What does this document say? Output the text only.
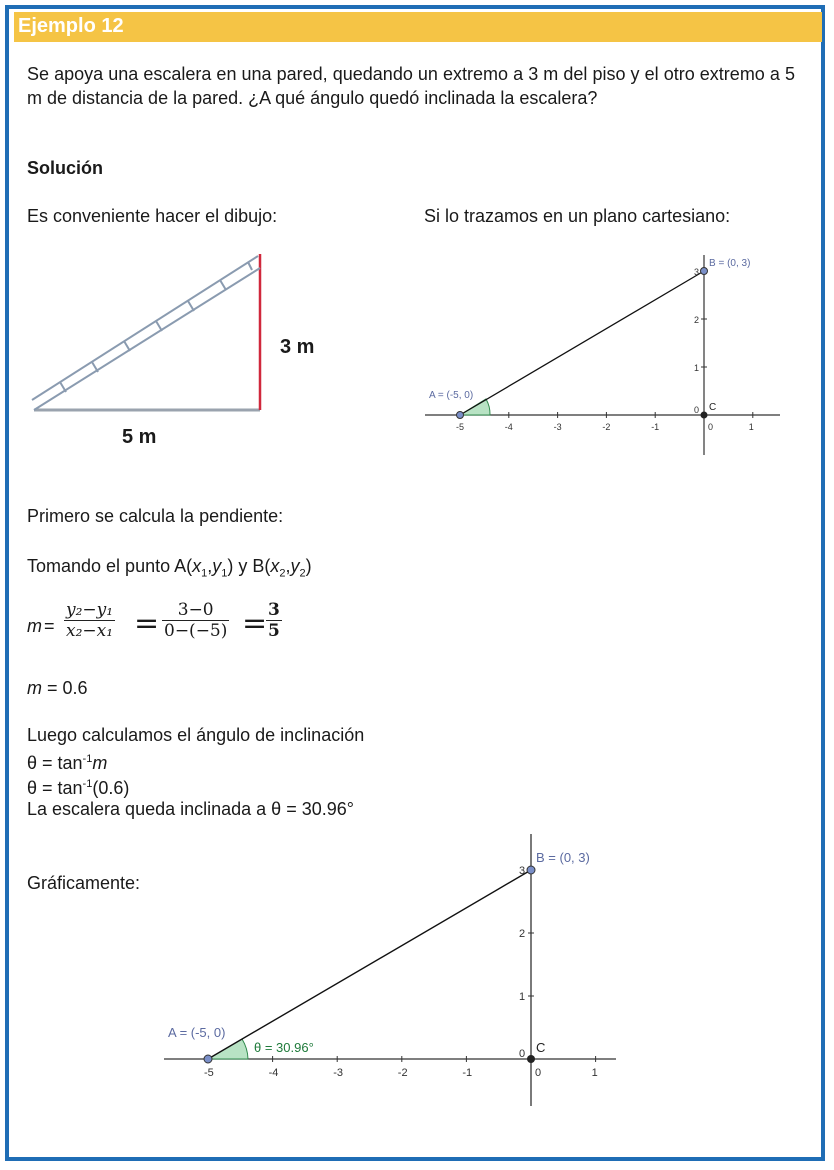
Ejemplo 12
Se apoya una escalera en una pared, quedando un extremo a 3 m del piso y el otro extremo a 5 m de distancia de la pared. ¿A qué ángulo quedó inclinada la escalera?
Solución
Es conveniente hacer el dibujo:	Si lo trazamos en un plano cartesiano:
3 m
5 m	-5	-4	-3	-2	-1	0	1
0
1
2
3
A = (-5, 0)
B = (0, 3)
C
Primero se calcula la pendiente:
Tomando el punto $A(x_1,y_1)$ y $B(x_2,y_2)$
$m = \frac{\text{y₂−y₁}}{\text{x₂−x₁}} = \frac{3-0}{0-(-5)}$ =
$\frac{3}{5}$
m = 0.6
Luego calculamos el ángulo de inclinación
$\theta = \tan^{-1}m$
$\theta = \tan^{-1}(0.6)$
La escalera queda inclinada a θ = 30.96°
Gráficamente:
-5	-4	-3	-2	-1	0	1
0
1
2
3
A = (-5, 0)
B = (0, 3)
C
θ = 30.96°
